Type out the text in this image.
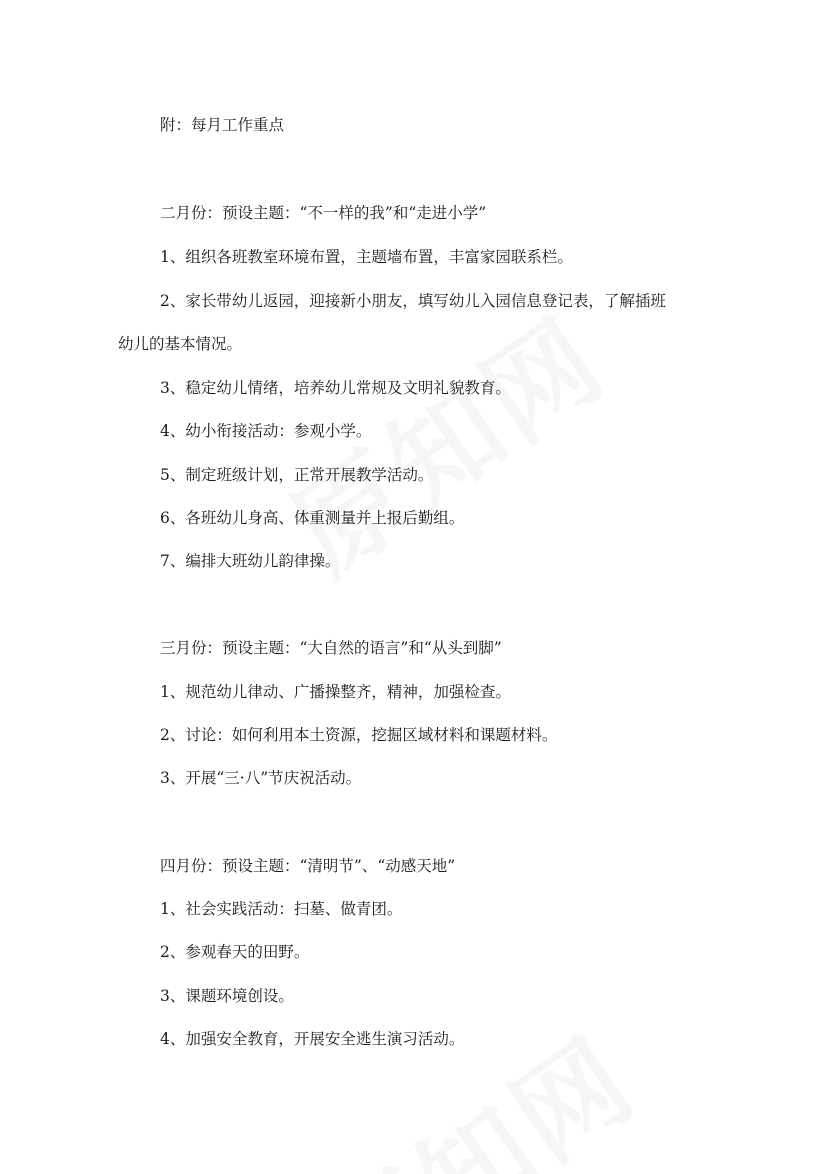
附：每月工作重点

二月份：预设主题：“不一样的我”和“走进小学”

1、组织各班教室环境布置，主题墙布置，丰富家园联系栏。

2、家长带幼儿返园，迎接新小朋友，填写幼儿入园信息登记表，了解插班

幼儿的基本情况。

3、稳定幼儿情绪，培养幼儿常规及文明礼貌教育。

4、幼小衔接活动：参观小学。

5、制定班级计划，正常开展教学活动。

6、各班幼儿身高、体重测量并上报后勤组。

7、编排大班幼儿韵律操。

三月份：预设主题：“大自然的语言”和“从头到脚”

1、规范幼儿律动、广播操整齐，精神，加强检查。

2、讨论：如何利用本土资源，挖掘区域材料和课题材料。

3、开展“三·八”节庆祝活动。

四月份：预设主题：“清明节”、“动感天地”

1、社会实践活动：扫墓、做青团。

2、参观春天的田野。

3、课题环境创设。

4、加强安全教育，开展安全逃生演习活动。
